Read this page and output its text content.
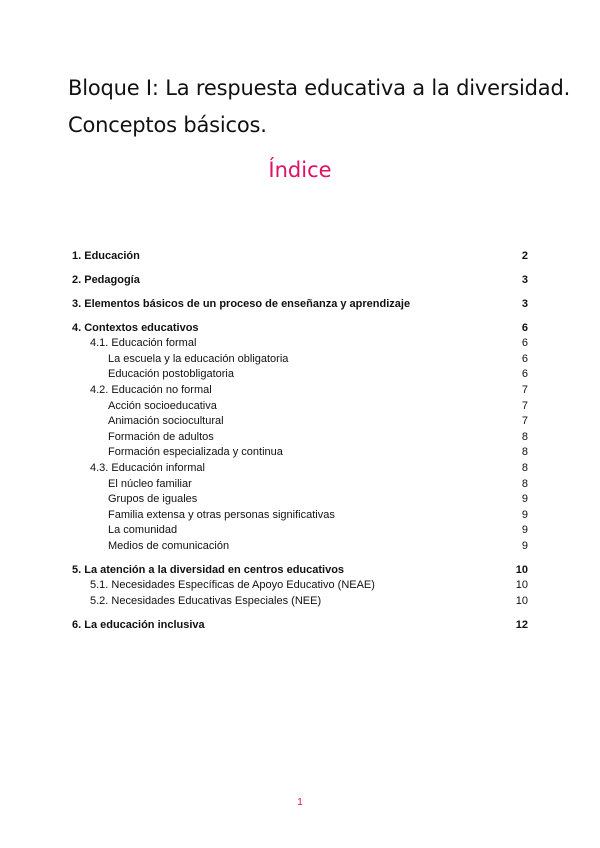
Bloque I: La respuesta educativa a la diversidad.
Conceptos básicos.
Índice
1. Educación	2
2. Pedagogía	3
3. Elementos básicos de un proceso de enseñanza y aprendizaje	3
4. Contextos educativos	6
4.1. Educación formal	6
La escuela y la educación obligatoria	6
Educación postobligatoria	6
4.2. Educación no formal	7
Acción socioeducativa	7
Animación sociocultural	7
Formación de adultos	8
Formación especializada y continua	8
4.3. Educación informal	8
El núcleo familiar	8
Grupos de iguales	9
Familia extensa y otras personas significativas	9
La comunidad	9
Medios de comunicación	9
5. La atención a la diversidad en centros educativos	10
5.1. Necesidades Específicas de Apoyo Educativo (NEAE)	10
5.2. Necesidades Educativas Especiales (NEE)	10
6. La educación inclusiva	12
1
